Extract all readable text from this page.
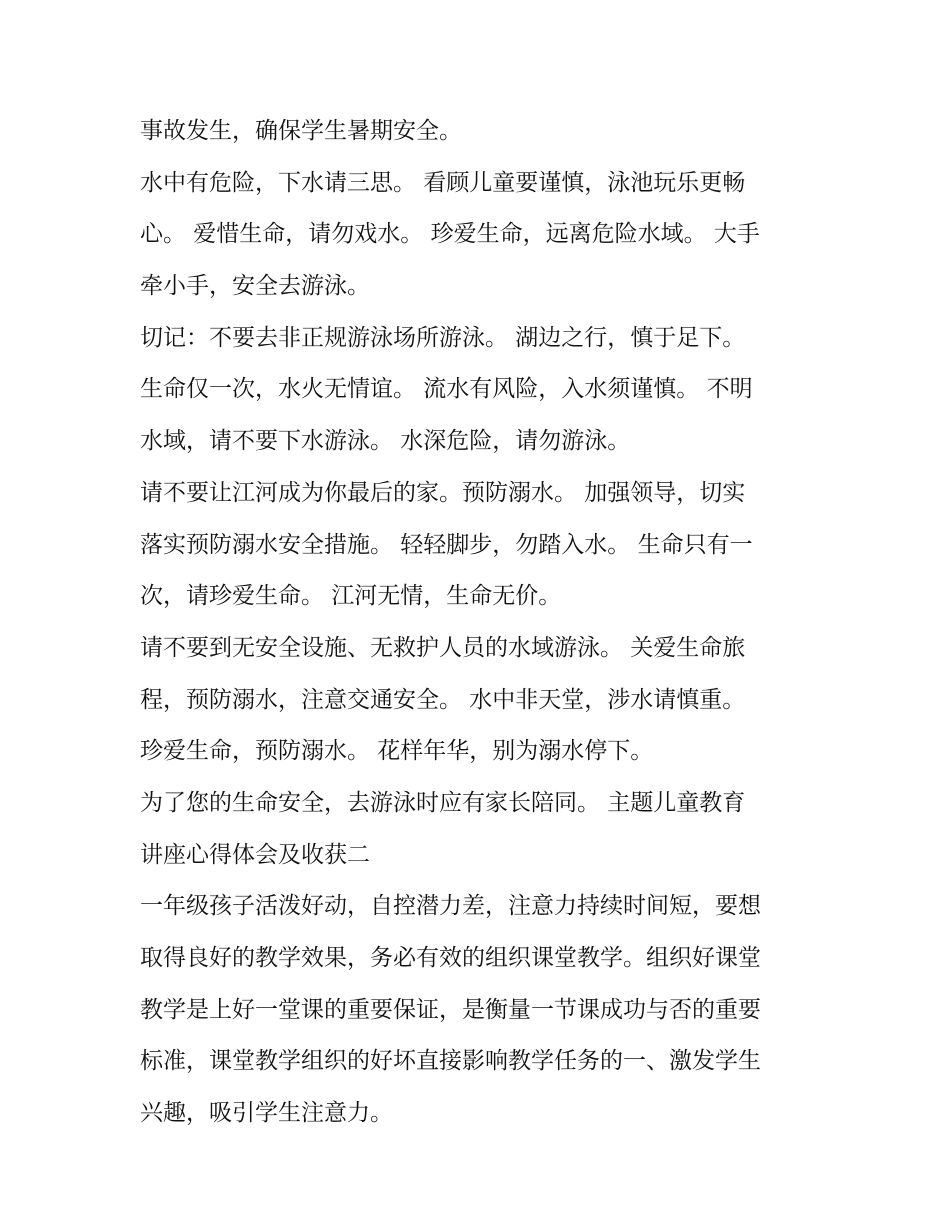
事故发生，确保学生暑期安全。

水中有危险，下水请三思。 看顾儿童要谨慎，泳池玩乐更畅

心。 爱惜生命，请勿戏水。 珍爱生命，远离危险水域。 大手

牵小手，安全去游泳。

切记：不要去非正规游泳场所游泳。 湖边之行，慎于足下。

生命仅一次，水火无情谊。 流水有风险，入水须谨慎。 不明

水域，请不要下水游泳。 水深危险，请勿游泳。

请不要让江河成为你最后的家。预防溺水。 加强领导，切实

落实预防溺水安全措施。 轻轻脚步，勿踏入水。 生命只有一

次，请珍爱生命。 江河无情，生命无价。

请不要到无安全设施、无救护人员的水域游泳。 关爱生命旅

程，预防溺水，注意交通安全。 水中非天堂，涉水请慎重。

珍爱生命，预防溺水。 花样年华，别为溺水停下。

为了您的生命安全，去游泳时应有家长陪同。 主题儿童教育

讲座心得体会及收获二

一年级孩子活泼好动，自控潜力差，注意力持续时间短，要想

取得良好的教学效果，务必有效的组织课堂教学。组织好课堂

教学是上好一堂课的重要保证，是衡量一节课成功与否的重要

标准，课堂教学组织的好坏直接影响教学任务的一、激发学生

兴趣，吸引学生注意力。
